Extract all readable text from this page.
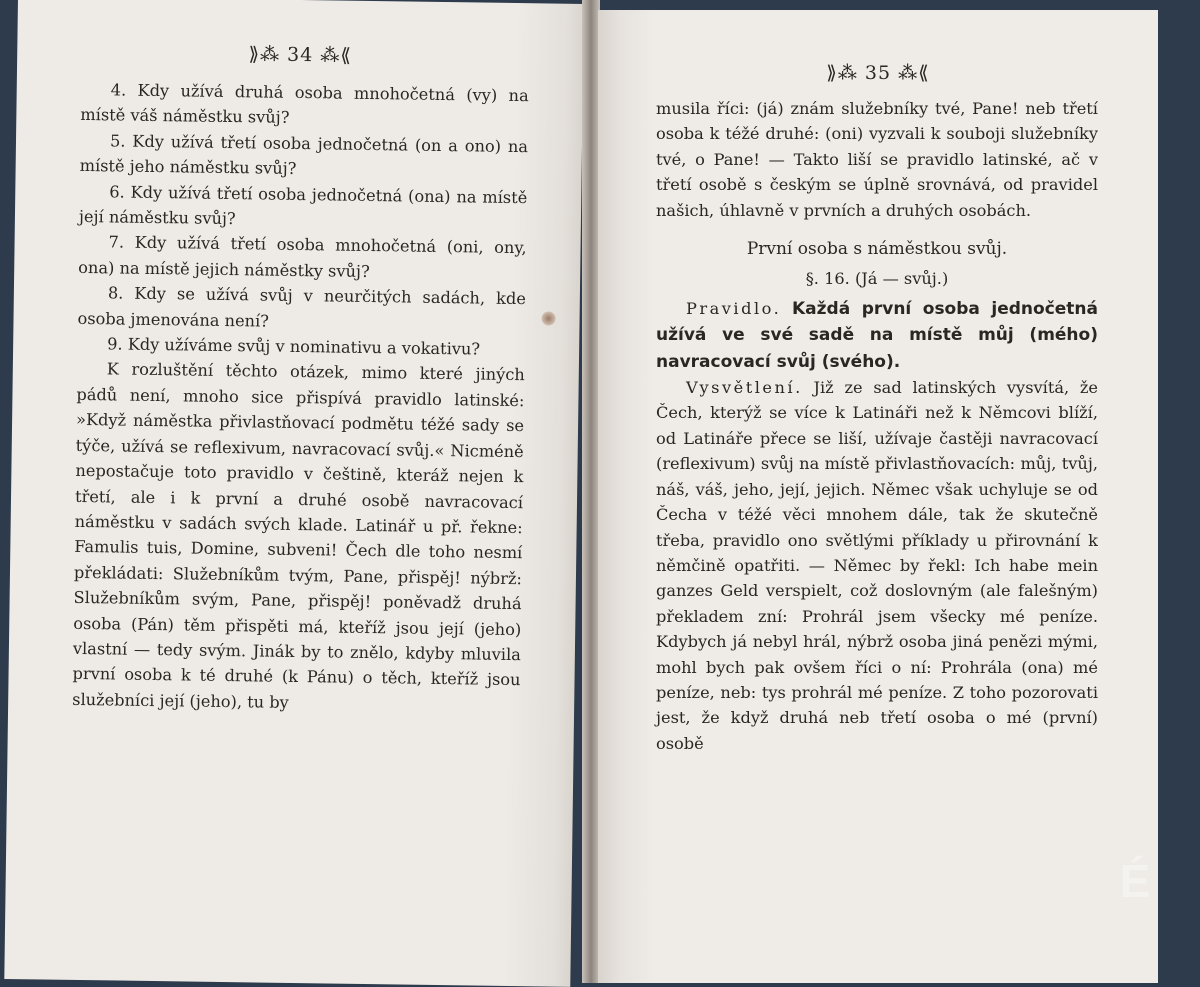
⟫⁂ 34 ⁂⟪

4. Kdy užívá druhá osoba mnohočetná (vy) na místě váš náměstku svůj?

5. Kdy užívá třetí osoba jednočetná (on a ono) na místě jeho náměstku svůj?

6. Kdy užívá třetí osoba jednočetná (ona) na místě její náměstku svůj?

7. Kdy užívá třetí osoba mnohočetná (oni, ony, ona) na místě jejich náměstky svůj?

8. Kdy se užívá svůj v neurčitých sadách, kde osoba jmenována není?

9. Kdy užíváme svůj v nominativu a vokativu?

K rozluštění těchto otázek, mimo které jiných pádů není, mnoho sice přispívá pravidlo latinské: »Když náměstka přivlastňovací podmětu téžé sady se týče, užívá se reflexivum, navracovací svůj.« Nicméně nepostačuje toto pravidlo v češtině, kteráž nejen k třetí, ale i k první a druhé osobě navracovací náměstku v sadách svých klade. Latinář u př. řekne: Famulis tuis, Domine, subveni! Čech dle toho nesmí překládati: Služebníkům tvým, Pane, přispěj! nýbrž: Služebníkům svým, Pane, přispěj! poněvadž druhá osoba (Pán) těm přispěti má, kteříž jsou její (jeho) vlastní — tedy svým. Jinák by to znělo, kdyby mluvila první osoba k té druhé (k Pánu) o těch, kteříž jsou služebníci její (jeho), tu by

⟫⁂ 35 ⁂⟪

musila říci: (já) znám služebníky tvé, Pane! neb třetí osoba k téžé druhé: (oni) vyzvali k souboji služebníky tvé, o Pane! — Takto liší se pravidlo latinské, ač v třetí osobě s českým se úplně srovnává, od pravidel našich, úhlavně v prvních a druhých osobách.

První osoba s náměstkou svůj.

§. 16. (Já — svůj.)

Pravidlo. Každá první osoba jednočetná užívá ve své sadě na místě můj (mého) navracovací svůj (svého).

Vysvětlení. Již ze sad latinských vysvítá, že Čech, kterýž se více k Latináři než k Němcovi blíží, od Latináře přece se liší, užívaje častěji navracovací (reflexivum) svůj na místě přivlastňovacích: můj, tvůj, náš, váš, jeho, její, jejich. Němec však uchyluje se od Čecha v téžé věci mnohem dále, tak že skutečně třeba, pravidlo ono světlými příklady u přirovnání k němčině opatřiti. — Němec by řekl: Ich habe mein ganzes Geld verspielt, což doslovným (ale falešným) překladem zní: Prohrál jsem všecky mé peníze. Kdybych já nebyl hrál, nýbrž osoba jiná penězi mými, mohl bych pak ovšem říci o ní: Prohrála (ona) mé peníze, neb: tys prohrál mé peníze. Z toho pozorovati jest, že když druhá neb třetí osoba o mé (první) osobě

É
